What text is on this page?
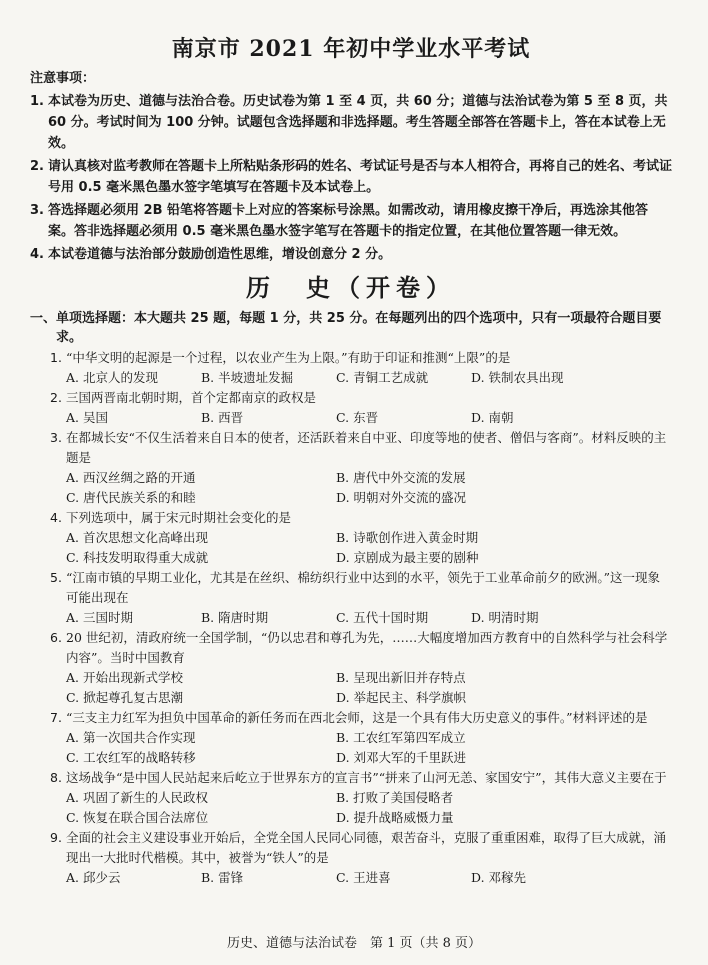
南京市 2021 年初中学业水平考试
注意事项：
1. 本试卷为历史、道德与法治合卷。历史试卷为第 1 至 4 页，共 60 分；道德与法治试卷为第 5 至 8 页，共 60 分。考试时间为 100 分钟。试题包含选择题和非选择题。考生答题全部答在答题卡上，答在本试卷上无效。
2. 请认真核对监考教师在答题卡上所粘贴条形码的姓名、考试证号是否与本人相符合，再将自己的姓名、考试证号用 0.5 毫米黑色墨水签字笔填写在答题卡及本试卷上。
3. 答选择题必须用 2B 铅笔将答题卡上对应的答案标号涂黑。如需改动，请用橡皮擦干净后，再选涂其他答案。答非选择题必须用 0.5 毫米黑色墨水签字笔写在答题卡的指定位置，在其他位置答题一律无效。
4. 本试卷道德与法治部分鼓励创造性思维，增设创意分 2 分。
历　史（开卷）
一、 单项选择题：本大题共 25 题，每题 1 分，共 25 分。在每题列出的四个选项中，只有一项最符合题目要求。
1. “中华文明的起源是一个过程，以农业产生为上限。”有助于印证和推测“上限”的是
A. 北京人的发现	B. 半坡遗址发掘	C. 青铜工艺成就	D. 铁制农具出现
2. 三国两晋南北朝时期，首个定都南京的政权是
A. 吴国	B. 西晋	C. 东晋	D. 南朝
3. 在都城长安“不仅生活着来自日本的使者，还活跃着来自中亚、印度等地的使者、僧侣与客商”。材料反映的主题是
A. 西汉丝绸之路的开通	B. 唐代中外交流的发展
C. 唐代民族关系的和睦	D. 明朝对外交流的盛况
4. 下列选项中，属于宋元时期社会变化的是
A. 首次思想文化高峰出现	B. 诗歌创作进入黄金时期
C. 科技发明取得重大成就	D. 京剧成为最主要的剧种
5. “江南市镇的早期工业化，尤其是在丝织、棉纺织行业中达到的水平，领先于工业革命前夕的欧洲。”这一现象可能出现在
A. 三国时期	B. 隋唐时期	C. 五代十国时期	D. 明清时期
6. 20 世纪初，清政府统一全国学制，“仍以忠君和尊孔为先，……大幅度增加西方教育中的自然科学与社会科学内容”。当时中国教育
A. 开始出现新式学校	B. 呈现出新旧并存特点
C. 掀起尊孔复古思潮	D. 举起民主、科学旗帜
7. “三支主力红军为担负中国革命的新任务而在西北会师，这是一个具有伟大历史意义的事件。”材料评述的是
A. 第一次国共合作实现	B. 工农红军第四军成立
C. 工农红军的战略转移	D. 刘邓大军的千里跃进
8. 这场战争“是中国人民站起来后屹立于世界东方的宣言书”“拼来了山河无恙、家国安宁”，其伟大意义主要在于
A. 巩固了新生的人民政权	B. 打败了美国侵略者
C. 恢复在联合国合法席位	D. 提升战略威慑力量
9. 全面的社会主义建设事业开始后，全党全国人民同心同德，艰苦奋斗，克服了重重困难，取得了巨大成就，涌现出一大批时代楷模。其中，被誉为“铁人”的是
A. 邱少云	B. 雷锋	C. 王进喜	D. 邓稼先
历史、道德与法治试卷　第 1 页（共 8 页）
